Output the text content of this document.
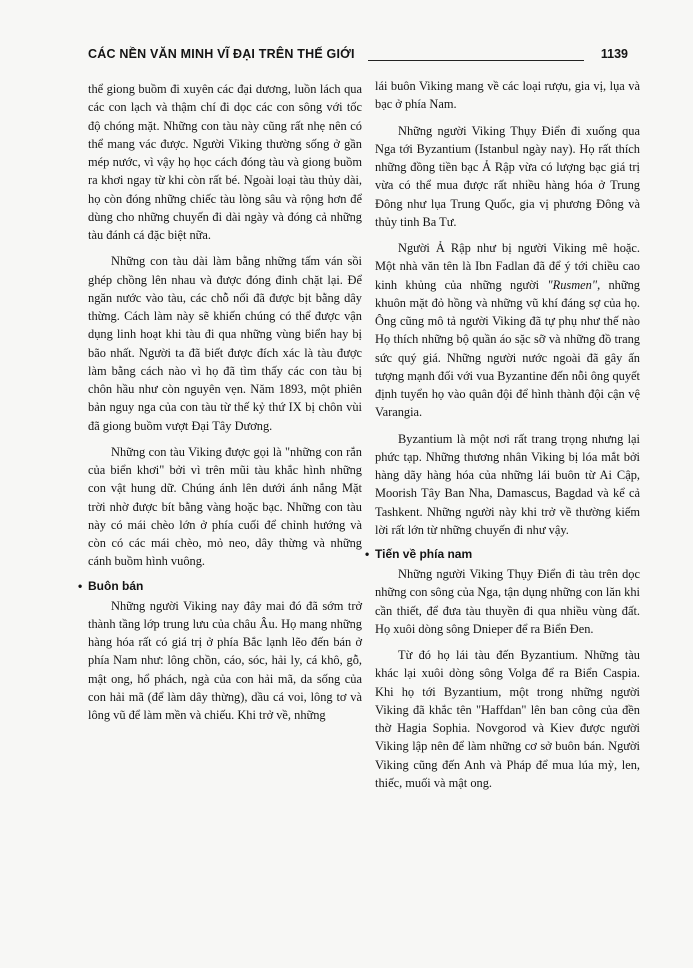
CÁC NỀN VĂN MINH VĨ ĐẠI TRÊN THẾ GIỚI	1139

thể giong buồm đi xuyên các đại dương, luồn lách qua các con lạch và thậm chí đi dọc các con sông với tốc độ chóng mặt. Những con tàu này cũng rất nhẹ nên có thể mang vác được. Người Viking thường sống ở gần mép nước, vì vậy họ học cách đóng tàu và giong buồm ra khơi ngay từ khi còn rất bé. Ngoài loại tàu thủy dài, họ còn đóng những chiếc tàu lòng sâu và rộng hơn để dùng cho những chuyến đi dài ngày và đóng cả những tàu đánh cá đặc biệt nữa.

Những con tàu dài làm bằng những tấm ván sồi ghép chồng lên nhau và được đóng đinh chặt lại. Để ngăn nước vào tàu, các chỗ nối đã được bịt bằng dây thừng. Cách làm này sẽ khiến chúng có thể được vận dụng linh hoạt khi tàu đi qua những vùng biển hay bị bão nhất. Người ta đã biết được đích xác là tàu được làm bằng cách nào vì họ đã tìm thấy các con tàu bị chôn hầu như còn nguyên vẹn. Năm 1893, một phiên bản nguy nga của con tàu từ thế kỷ thứ IX bị chôn vùi đã giong buồm vượt Đại Tây Dương.

Những con tàu Viking được gọi là "những con rắn của biển khơi" bởi vì trên mũi tàu khắc hình những con vật hung dữ. Chúng ánh lên dưới ánh nắng Mặt trời nhờ được bít bằng vàng hoặc bạc. Những con tàu này có mái chèo lớn ở phía cuối để chỉnh hướng và còn có các mái chèo, mỏ neo, dây thừng và những cánh buồm hình vuông.

• Buôn bán

Những người Viking nay đây mai đó đã sớm trở thành tầng lớp trung lưu của châu Âu. Họ mang những hàng hóa rất có giá trị ở phía Bắc lạnh lẽo đến bán ở phía Nam như: lông chồn, cáo, sóc, hải ly, cá khô, gỗ, mật ong, hổ phách, ngà của con hải mã, da sống của con hải mã (để làm dây thừng), dầu cá voi, lông tơ và lông vũ để làm mền và chiếu. Khi trở về, những

lái buôn Viking mang về các loại rượu, gia vị, lụa và bạc ở phía Nam.

Những người Viking Thụy Điển đi xuống qua Nga tới Byzantium (Istanbul ngày nay). Họ rất thích những đồng tiền bạc Ả Rập vừa có lượng bạc giá trị vừa có thể mua được rất nhiều hàng hóa ở Trung Đông như lụa Trung Quốc, gia vị phương Đông và thủy tinh Ba Tư.

Người Ả Rập như bị người Viking mê hoặc. Một nhà văn tên là Ibn Fadlan đã để ý tới chiều cao kinh khủng của những người "Rusmen", những khuôn mặt đỏ hồng và những vũ khí đáng sợ của họ. Ông cũng mô tả người Viking đã tự phụ như thế nào Họ thích những bộ quần áo sặc sỡ và những đồ trang sức quý giá. Những người nước ngoài đã gây ấn tượng mạnh đối với vua Byzantine đến nỗi ông quyết định tuyển họ vào quân đội để hình thành đội cận vệ Varangia.

Byzantium là một nơi rất trang trọng nhưng lại phức tạp. Những thương nhân Viking bị lóa mắt bởi hàng dãy hàng hóa của những lái buôn từ Ai Cập, Moorish Tây Ban Nha, Damascus, Bagdad và kể cả Tashkent. Những người này khi trở về thường kiếm lời rất lớn từ những chuyến đi như vậy.

• Tiến về phía nam

Những người Viking Thụy Điển đi tàu trên dọc những con sông của Nga, tận dụng những con lăn khi cần thiết, để đưa tàu thuyền đi qua nhiều vùng đất. Họ xuôi dòng sông Dnieper để ra Biển Đen.

Từ đó họ lái tàu đến Byzantium. Những tàu khác lại xuôi dòng sông Volga để ra Biển Caspia. Khi họ tới Byzantium, một trong những người Viking đã khắc tên "Haffdan" lên ban công của đền thờ Hagia Sophia. Novgorod và Kiev được người Viking lập nên để làm những cơ sở buôn bán. Người Viking cũng đến Anh và Pháp để mua lúa mỳ, len, thiếc, muối và mật ong.
